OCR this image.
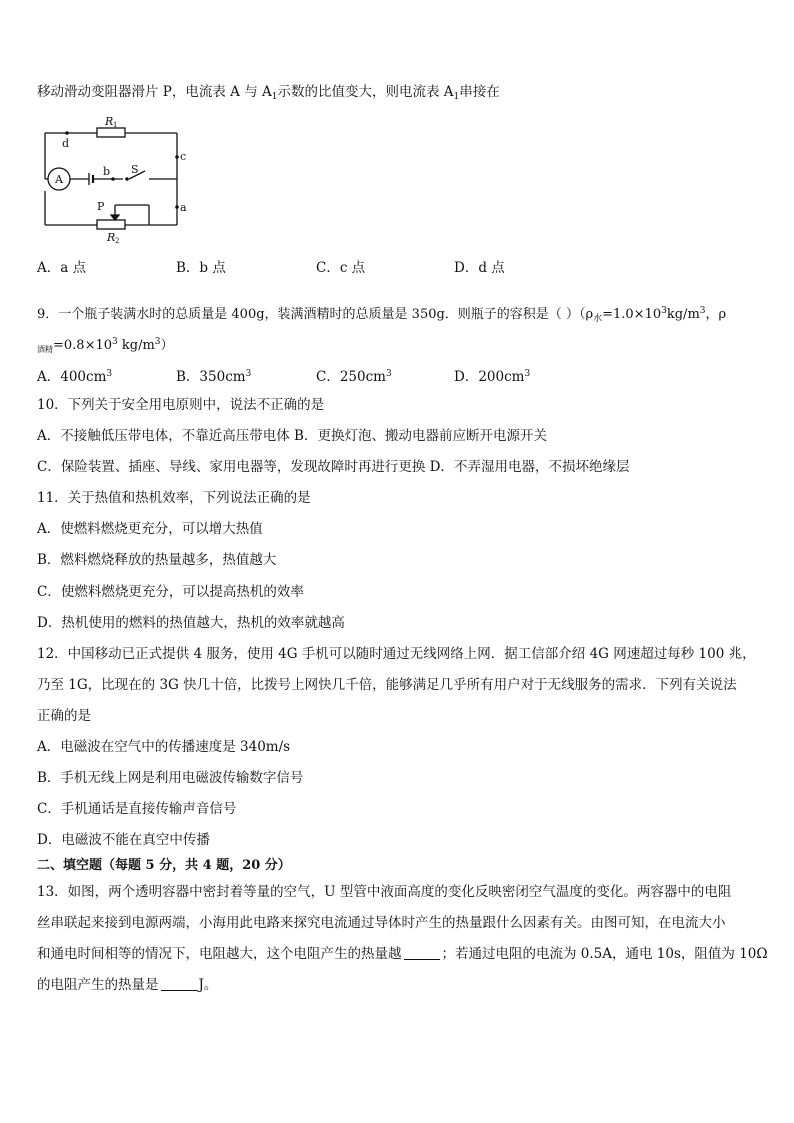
移动滑动变阻器滑片 P，电流表 A 与 $A_1$示数的比值变大，则电流表 $A_1$串接在
R 1
d
c
b S
A
a
P
R 2
A．a 点	B．b 点	C．c 点	D．d 点
9．一个瓶子装满水时的总质量是 400g，装满酒精时的总质量是 350g．则瓶子的容积是（ ）（$\rho_水=1.0\times 10^3kg/m^3$，ρ
$_{酒精}=0.8\times 10^3$ $kg/m^3$）
A．400cm3	B．350cm3	C．250cm3	D．200cm3
10．下列关于安全用电原则中，说法不正确的是
A．不接触低压带电体，不靠近高压带电体 B．更换灯泡、搬动电器前应断开电源开关
C．保险装置、插座、导线、家用电器等，发现故障时再进行更换 D．不弄湿用电器，不损坏绝缘层
11．关于热值和热机效率，下列说法正确的是
A．使燃料燃烧更充分，可以增大热值
B．燃料燃烧释放的热量越多，热值越大
C．使燃料燃烧更充分，可以提高热机的效率
D．热机使用的燃料的热值越大，热机的效率就越高
12．中国移动已正式提供 4 服务，使用 4G 手机可以随时通过无线网络上网．据工信部介绍 4G 网速超过每秒 100 兆，
乃至 1G，比现在的 3G 快几十倍，比拨号上网快几千倍，能够满足几乎所有用户对于无线服务的需求．下列有关说法
正确的是
A．电磁波在空气中的传播速度是 340m/s
B．手机无线上网是利用电磁波传输数字信号
C．手机通话是直接传输声音信号
D．电磁波不能在真空中传播
二、填空题（每题 5 分，共 4 题，20 分）
13．如图，两个透明容器中密封着等量的空气，U 型管中液面高度的变化反映密闭空气温度的变化。两容器中的电阻
丝串联起来接到电源两端，小海用此电路来探究电流通过导体时产生的热量跟什么因素有关。由图可知，在电流大小
和通电时间相等的情况下，电阻越大，这个电阻产生的热量越	；若通过电阻的电流为 0.5A，通电 10s，阻值为 10Ω
的电阻产生的热量是	J。
